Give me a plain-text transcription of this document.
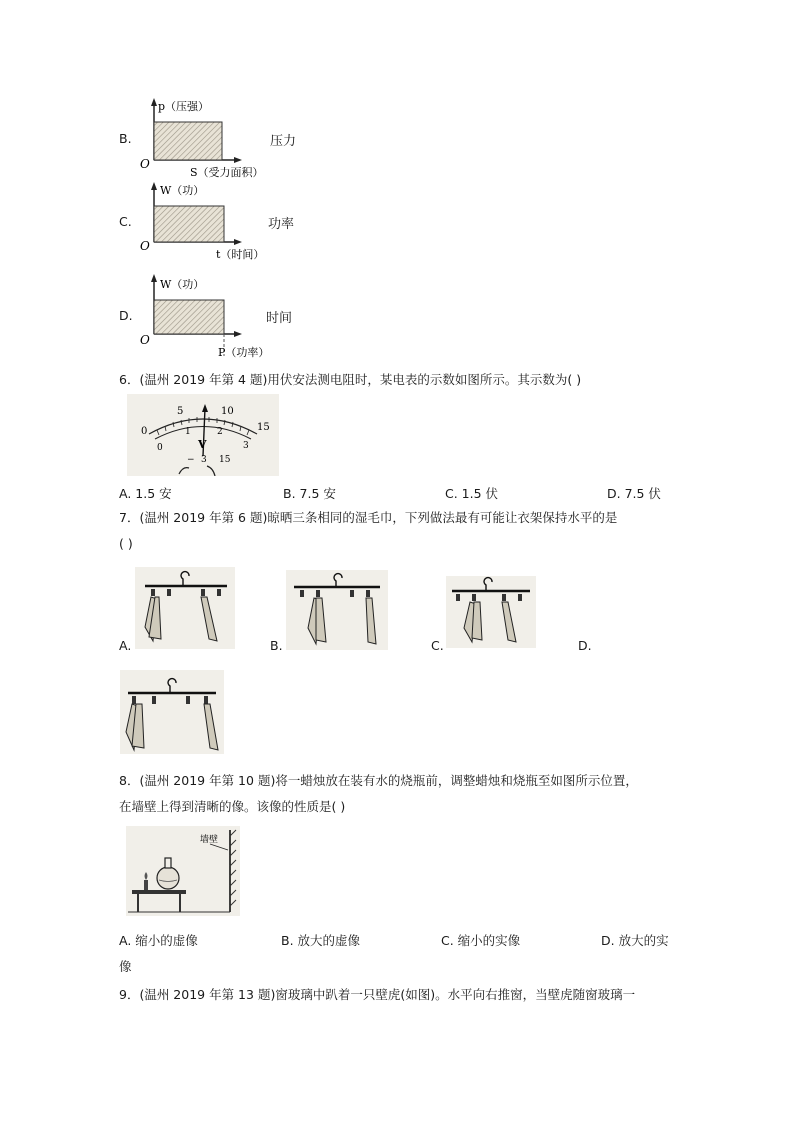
B.
p（压强）
O
S（受力面积）
压力
C.
W（功）
O
t（时间）
功率
D.
W（功）
O
P（功率）
时间
6．(温州 2019 年第 4 题)用伏安法测电阻时，某电表的示数如图所示。其示数为( )
0
5	10
15
0
1	2
3
V
− 3 15
A. 1.5 安	B. 7.5 安	C. 1.5 伏	D. 7.5 伏
7．(温州 2019 年第 6 题)晾晒三条相同的湿毛巾，下列做法最有可能让衣架保持水平的是
( )
A.	B.	C.	D.
8．(温州 2019 年第 10 题)将一蜡烛放在装有水的烧瓶前，调整蜡烛和烧瓶至如图所示位置，
在墙壁上得到清晰的像。该像的性质是( )
墙壁
A. 缩小的虚像	B. 放大的虚像	C. 缩小的实像	D. 放大的实
像
9．(温州 2019 年第 13 题)窗玻璃中趴着一只壁虎(如图)。水平向右推窗，当壁虎随窗玻璃一
